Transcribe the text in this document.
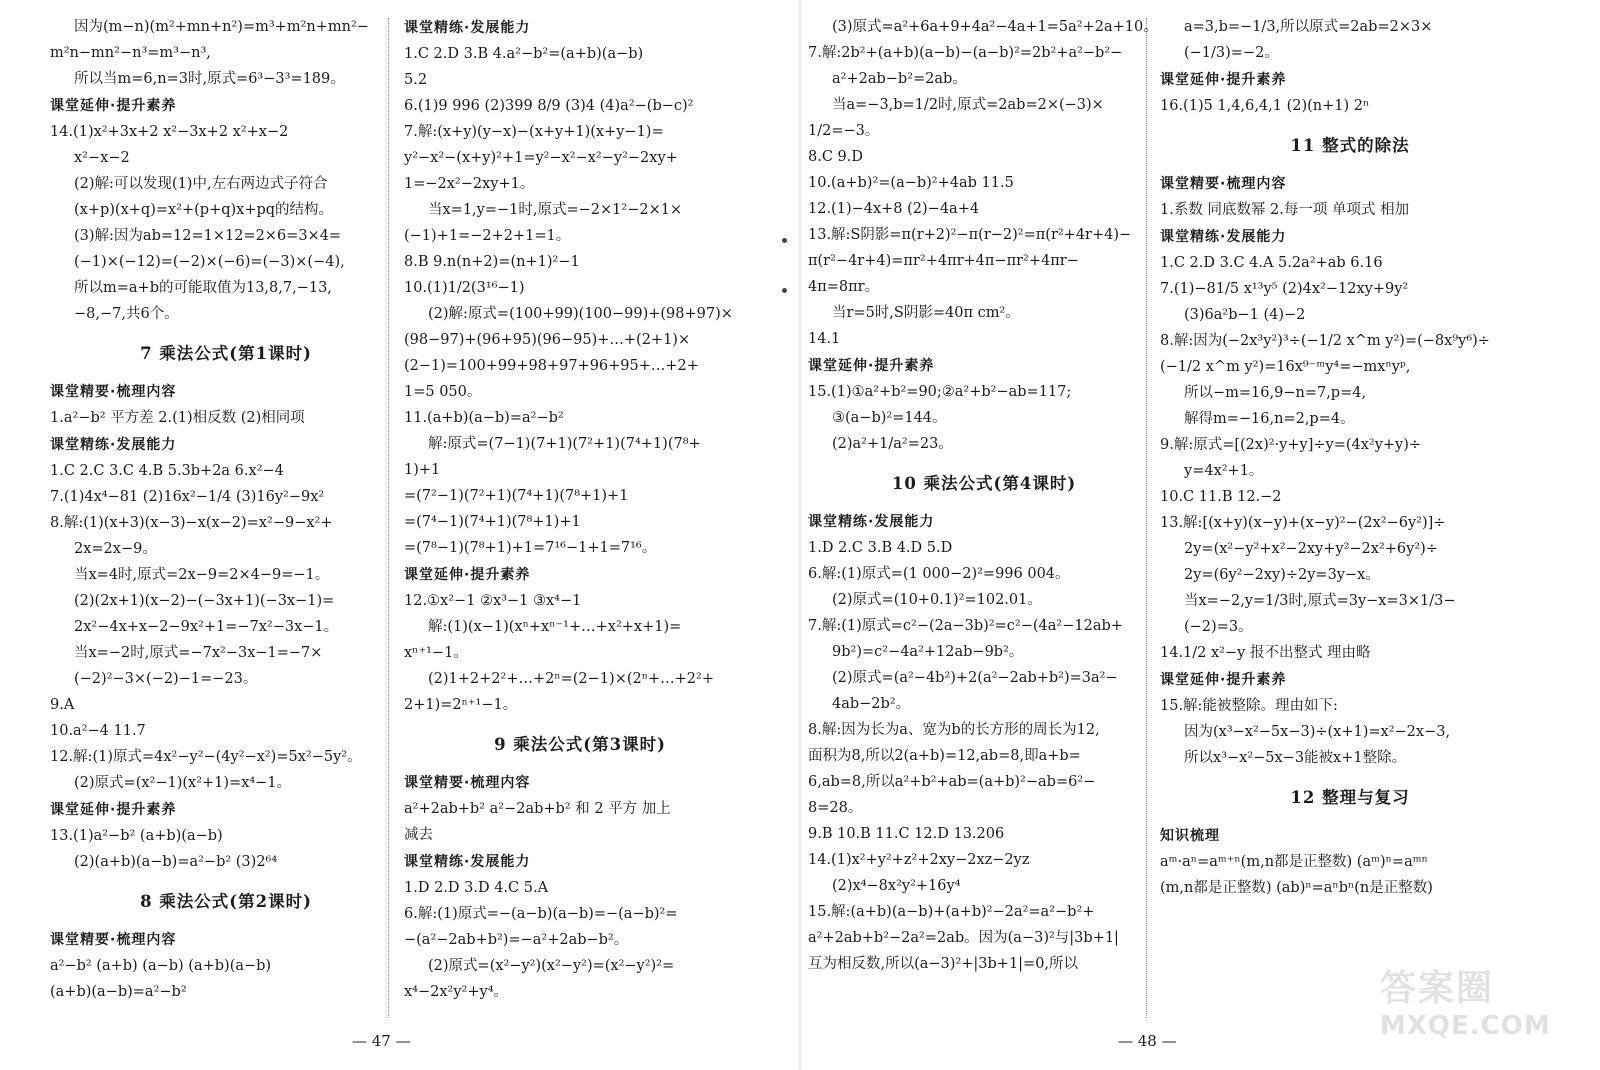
因为(m−n)(m²+mn+n²)=m³+m²n+mn²−
m²n−mn²−n³=m³−n³,
所以当m=6,n=3时,原式=6³−3³=189。
课堂延伸·提升素养
14.(1)x²+3x+2 x²−3x+2 x²+x−2
x²−x−2
(2)解:可以发现(1)中,左右两边式子符合
(x+p)(x+q)=x²+(p+q)x+pq的结构。
(3)解:因为ab=12=1×12=2×6=3×4=
(−1)×(−12)=(−2)×(−6)=(−3)×(−4),
所以m=a+b的可能取值为13,8,7,−13,
−8,−7,共6个。
7 乘法公式(第1课时)
课堂精要·梳理内容
1.a²−b² 平方差 2.(1)相反数 (2)相同项
课堂精练·发展能力
1.C 2.C 3.C 4.B 5.3b+2a 6.x²−4
7.(1)4x⁴−81 (2)16x²−1/4 (3)16y²−9x²
8.解:(1)(x+3)(x−3)−x(x−2)=x²−9−x²+
2x=2x−9。
当x=4时,原式=2x−9=2×4−9=−1。
(2)(2x+1)(x−2)−(−3x+1)(−3x−1)=
2x²−4x+x−2−9x²+1=−7x²−3x−1。
当x=−2时,原式=−7x²−3x−1=−7×
(−2)²−3×(−2)−1=−23。
9.A
10.a²−4 11.7
12.解:(1)原式=4x²−y²−(4y²−x²)=5x²−5y²。
(2)原式=(x²−1)(x²+1)=x⁴−1。
课堂延伸·提升素养
13.(1)a²−b² (a+b)(a−b)
(2)(a+b)(a−b)=a²−b² (3)2⁶⁴
8 乘法公式(第2课时)
课堂精要·梳理内容
a²−b² (a+b) (a−b) (a+b)(a−b)
(a+b)(a−b)=a²−b²
课堂精练·发展能力
1.C 2.D 3.B 4.a²−b²=(a+b)(a−b)
5.2
6.(1)9 996 (2)399 8/9 (3)4 (4)a²−(b−c)²
7.解:(x+y)(y−x)−(x+y+1)(x+y−1)=
y²−x²−(x+y)²+1=y²−x²−x²−y²−2xy+
1=−2x²−2xy+1。
当x=1,y=−1时,原式=−2×1²−2×1×
(−1)+1=−2+2+1=1。
8.B 9.n(n+2)=(n+1)²−1
10.(1)1/2(3¹⁶−1)
(2)解:原式=(100+99)(100−99)+(98+97)×
(98−97)+(96+95)(96−95)+…+(2+1)×
(2−1)=100+99+98+97+96+95+…+2+
1=5 050。
11.(a+b)(a−b)=a²−b²
解:原式=(7−1)(7+1)(7²+1)(7⁴+1)(7⁸+
1)+1
=(7²−1)(7²+1)(7⁴+1)(7⁸+1)+1
=(7⁴−1)(7⁴+1)(7⁸+1)+1
=(7⁸−1)(7⁸+1)+1=7¹⁶−1+1=7¹⁶。
课堂延伸·提升素养
12.①x²−1 ②x³−1 ③x⁴−1
解:(1)(x−1)(xⁿ+xⁿ⁻¹+…+x²+x+1)=
xⁿ⁺¹−1。
(2)1+2+2²+…+2ⁿ=(2−1)×(2ⁿ+…+2²+
2+1)=2ⁿ⁺¹−1。
9 乘法公式(第3课时)
课堂精要·梳理内容
a²+2ab+b² a²−2ab+b² 和 2 平方 加上
减去
课堂精练·发展能力
1.D 2.D 3.D 4.C 5.A
6.解:(1)原式=−(a−b)(a−b)=−(a−b)²=
−(a²−2ab+b²)=−a²+2ab−b²。
(2)原式=(x²−y²)(x²−y²)=(x²−y²)²=
x⁴−2x²y²+y⁴。
(3)原式=a²+6a+9+4a²−4a+1=5a²+2a+10。
7.解:2b²+(a+b)(a−b)−(a−b)²=2b²+a²−b²−
a²+2ab−b²=2ab。
当a=−3,b=1/2时,原式=2ab=2×(−3)×
1/2=−3。
8.C 9.D
10.(a+b)²=(a−b)²+4ab 11.5
12.(1)−4x+8 (2)−4a+4
13.解:S阴影=π(r+2)²−π(r−2)²=π(r²+4r+4)−
π(r²−4r+4)=πr²+4πr+4π−πr²+4πr−
4π=8πr。
当r=5时,S阴影=40π cm²。
14.1
课堂延伸·提升素养
15.(1)①a²+b²=90;②a²+b²−ab=117;
③(a−b)²=144。
(2)a²+1/a²=23。
10 乘法公式(第4课时)
课堂精练·发展能力
1.D 2.C 3.B 4.D 5.D
6.解:(1)原式=(1 000−2)²=996 004。
(2)原式=(10+0.1)²=102.01。
7.解:(1)原式=c²−(2a−3b)²=c²−(4a²−12ab+
9b²)=c²−4a²+12ab−9b²。
(2)原式=(a²−4b²)+2(a²−2ab+b²)=3a²−
4ab−2b²。
8.解:因为长为a、宽为b的长方形的周长为12,
面积为8,所以2(a+b)=12,ab=8,即a+b=
6,ab=8,所以a²+b²+ab=(a+b)²−ab=6²−
8=28。
9.B 10.B 11.C 12.D 13.206
14.(1)x²+y²+z²+2xy−2xz−2yz
(2)x⁴−8x²y²+16y⁴
15.解:(a+b)(a−b)+(a+b)²−2a²=a²−b²+
a²+2ab+b²−2a²=2ab。因为(a−3)²与|3b+1|
互为相反数,所以(a−3)²+|3b+1|=0,所以
a=3,b=−1/3,所以原式=2ab=2×3×
(−1/3)=−2。
课堂延伸·提升素养
16.(1)5 1,4,6,4,1 (2)(n+1) 2ⁿ
11 整式的除法
课堂精要·梳理内容
1.系数 同底数幂 2.每一项 单项式 相加
课堂精练·发展能力
1.C 2.D 3.C 4.A 5.2a²+ab 6.16
7.(1)−81/5 x¹³y⁵ (2)4x²−12xy+9y²
(3)6a²b−1 (4)−2
8.解:因为(−2x³y²)³÷(−1/2 x^m y²)=(−8x⁹y⁶)÷
(−1/2 x^m y²)=16x⁹⁻ᵐy⁴=−mxⁿyᵖ,
所以−m=16,9−n=7,p=4,
解得m=−16,n=2,p=4。
9.解:原式=[(2x)²·y+y]÷y=(4x²y+y)÷
y=4x²+1。
10.C 11.B 12.−2
13.解:[(x+y)(x−y)+(x−y)²−(2x²−6y²)]÷
2y=(x²−y²+x²−2xy+y²−2x²+6y²)÷
2y=(6y²−2xy)÷2y=3y−x。
当x=−2,y=1/3时,原式=3y−x=3×1/3−
(−2)=3。
14.1/2 x²−y 报不出整式 理由略
课堂延伸·提升素养
15.解:能被整除。理由如下:
因为(x³−x²−5x−3)÷(x+1)=x²−2x−3,
所以x³−x²−5x−3能被x+1整除。
12 整理与复习
知识梳理
aᵐ·aⁿ=aᵐ⁺ⁿ(m,n都是正整数) (aᵐ)ⁿ=aᵐⁿ
(m,n都是正整数) (ab)ⁿ=aⁿbⁿ(n是正整数)
— 47 —	— 48 —
答案圈
MXQE.COM
